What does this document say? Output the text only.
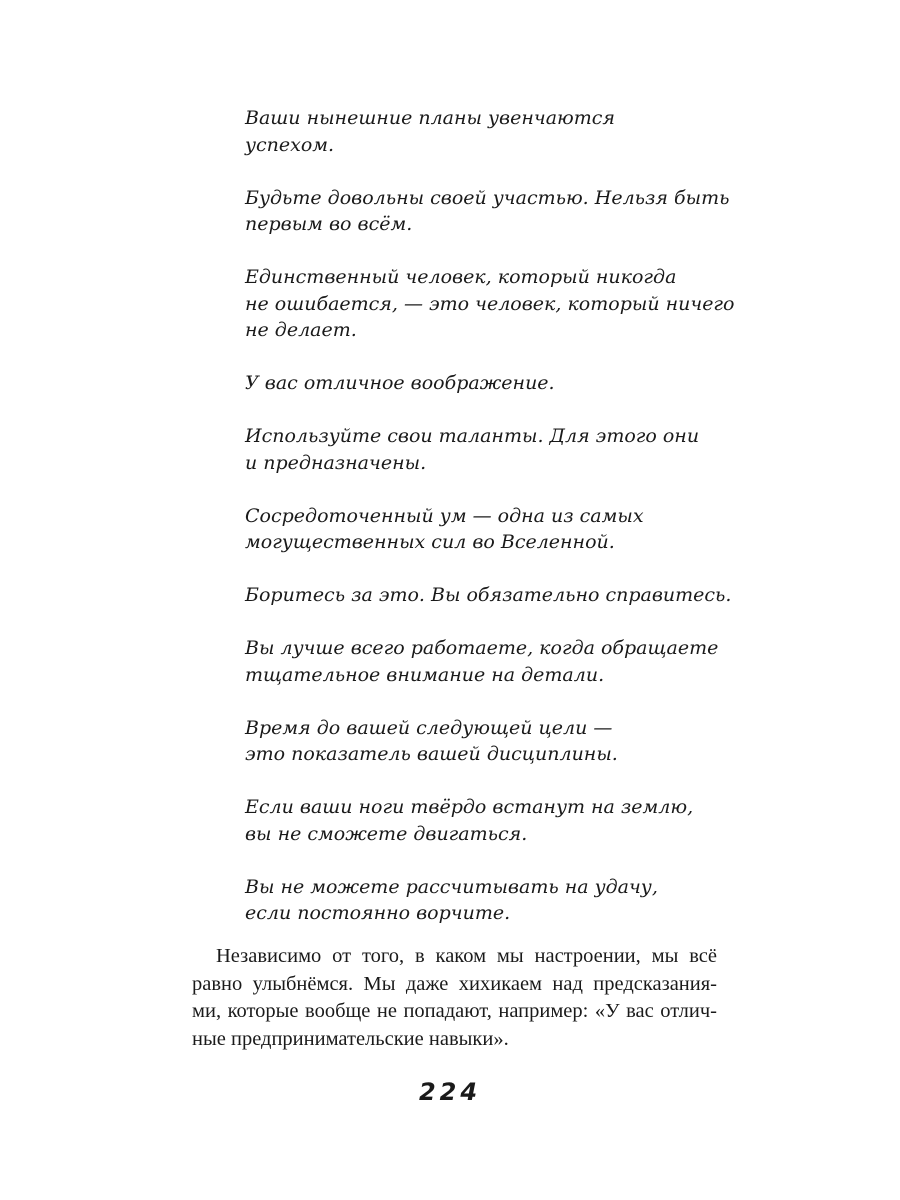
Ваши нынешние планы увенчаются
успехом.
Будьте довольны своей участью. Нельзя быть
первым во всём.
Единственный человек, который никогда
не ошибается, — это человек, который ничего
не делает.
У вас отличное воображение.
Используйте свои таланты. Для этого они
и предназначены.
Сосредоточенный ум — одна из самых
могущественных сил во Вселенной.
Боритесь за это. Вы обязательно справитесь.
Вы лучше всего работаете, когда обращаете
тщательное внимание на детали.
Время до вашей следующей цели —
это показатель вашей дисциплины.
Если ваши ноги твёрдо встанут на землю,
вы не сможете двигаться.
Вы не можете рассчитывать на удачу,
если постоянно ворчите.
Независимо от того, в каком мы настроении, мы всё
равно улыбнёмся. Мы даже хихикаем над предсказания-
ми, которые вообще не попадают, например: «У вас отлич-
ные предпринимательские навыки».
224
